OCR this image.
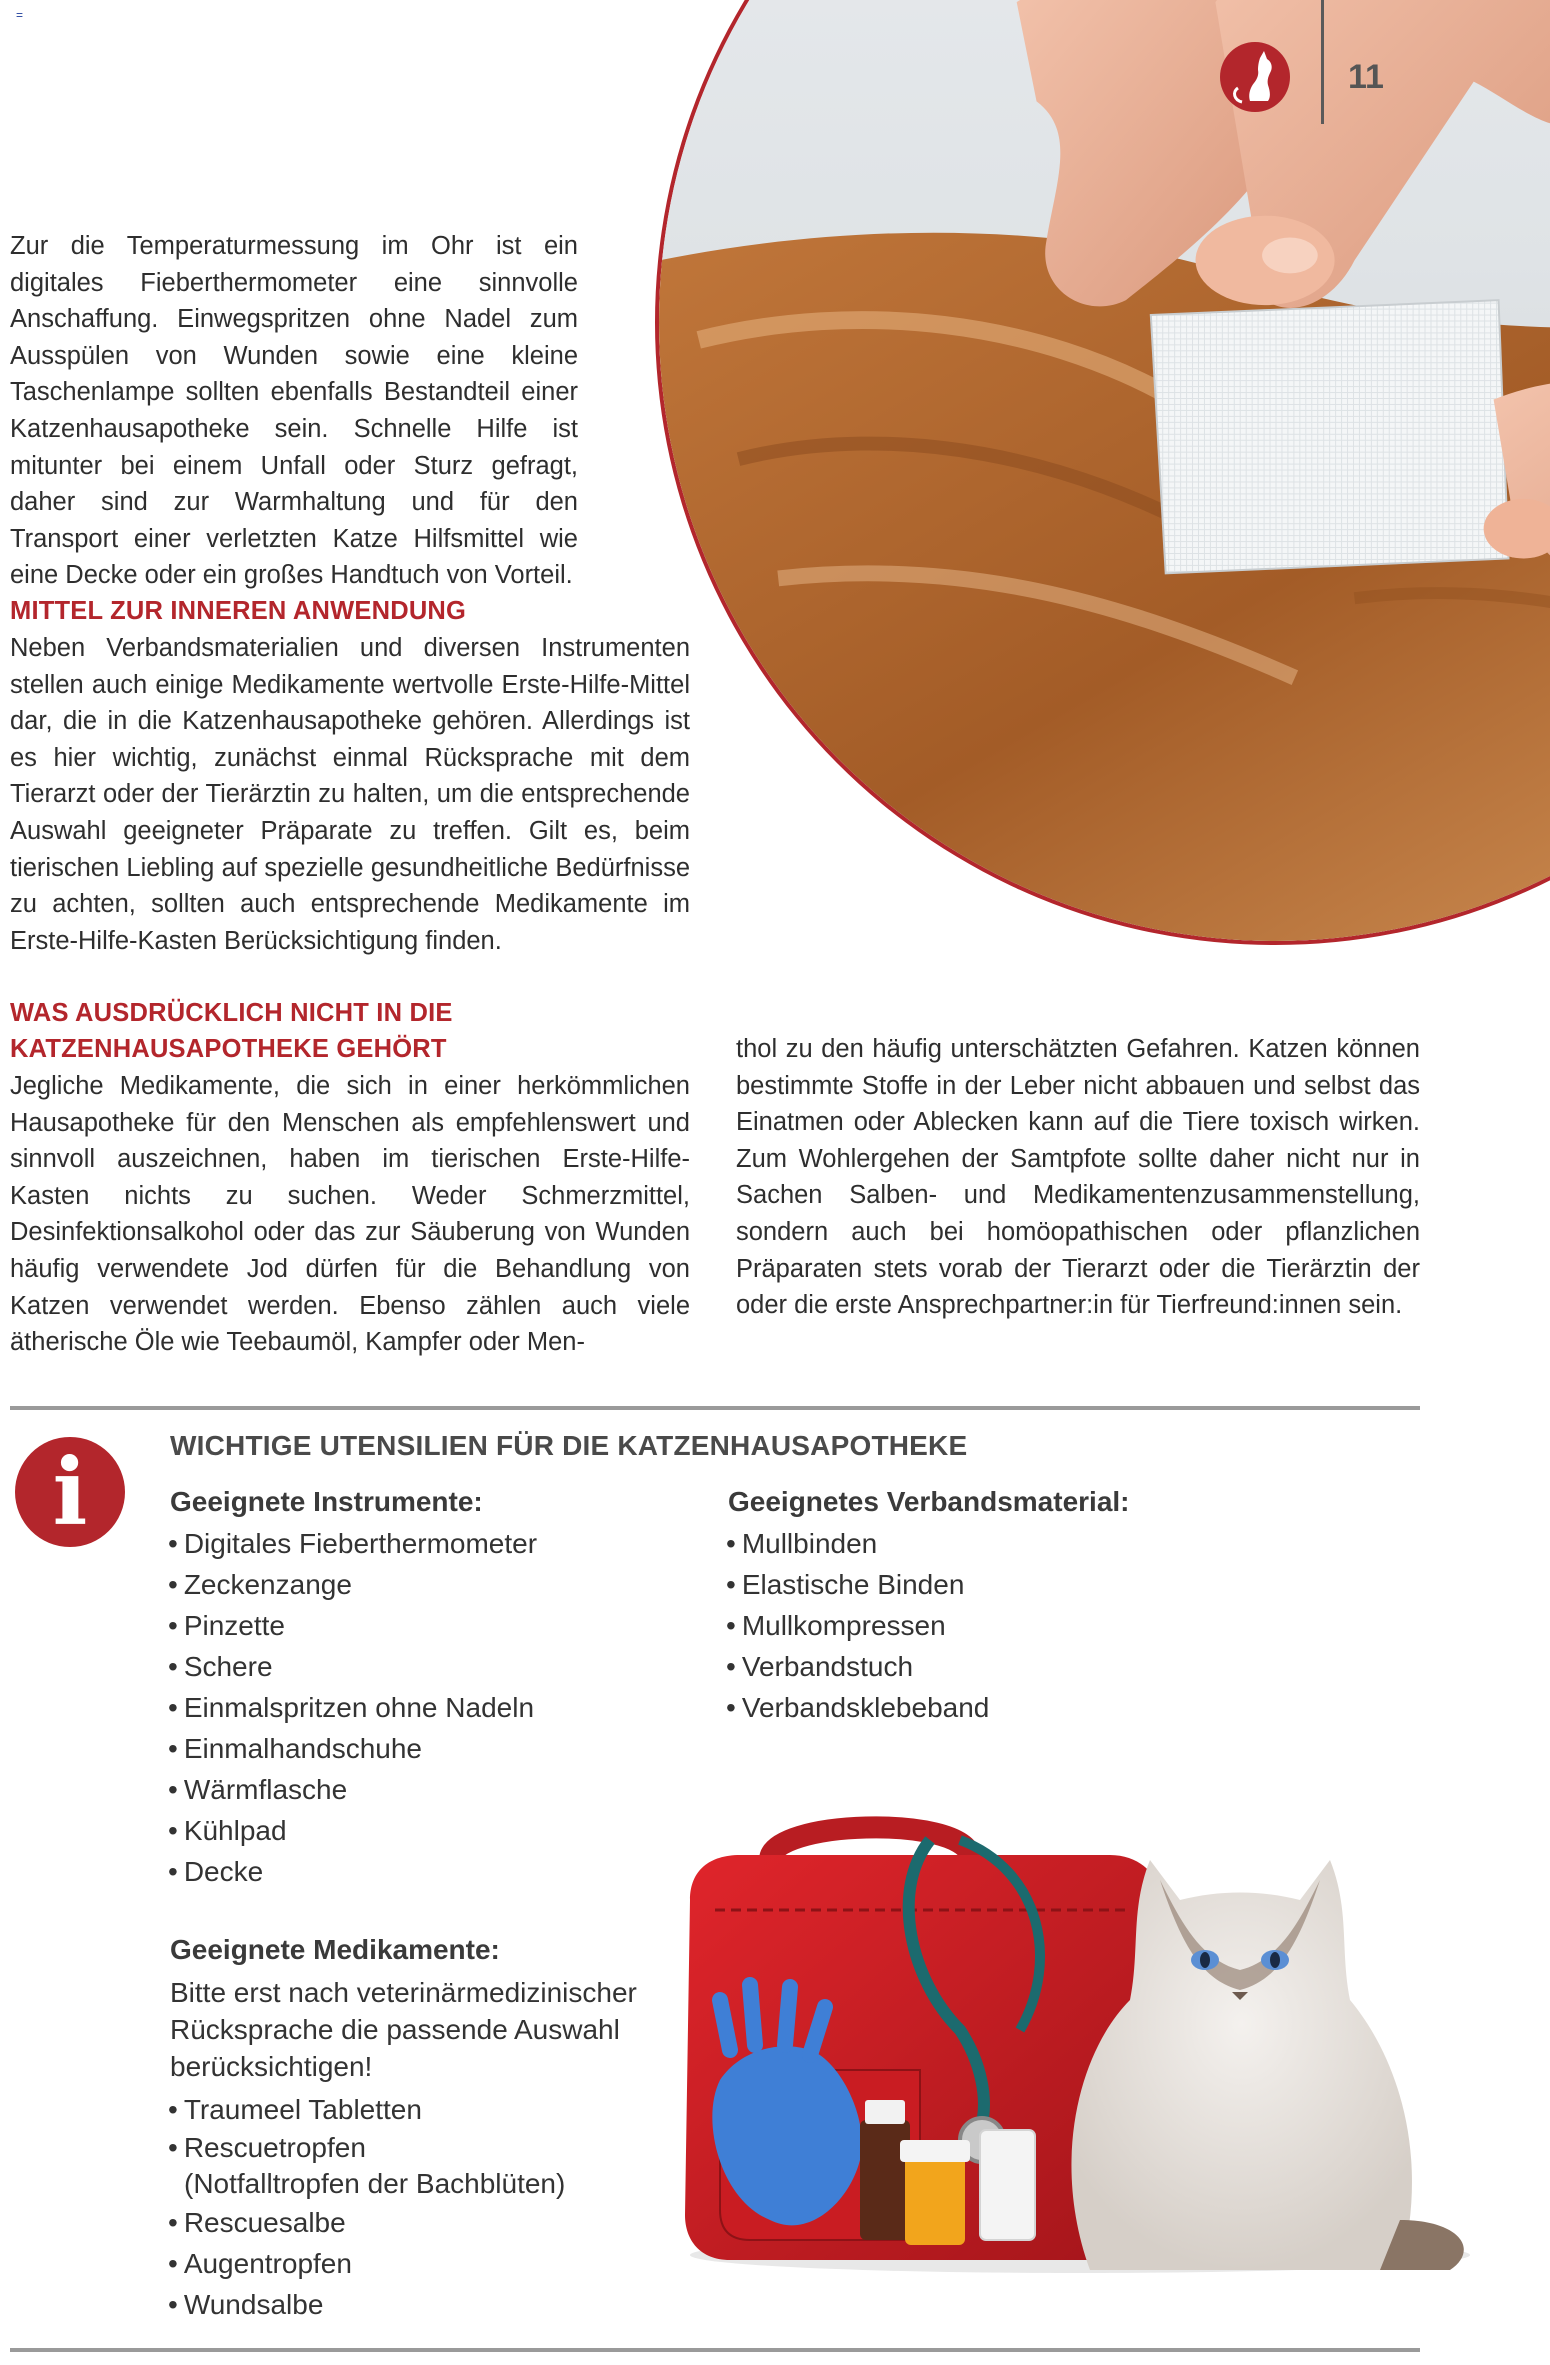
=
11

Zur die Temperaturmessung im Ohr ist ein digitales Fieberthermometer eine sinnvolle Anschaffung. Einwegspritzen ohne Nadel zum Ausspülen von Wunden sowie eine kleine Taschenlampe sollten ebenfalls Bestandteil einer Katzenhausapotheke sein. Schnelle Hilfe ist mitunter bei einem Unfall oder Sturz gefragt, daher sind zur Warmhaltung und für den Transport einer verletzten Katze Hilfsmittel wie eine Decke oder ein großes Handtuch von Vorteil.

MITTEL ZUR INNEREN ANWENDUNG

Neben Verbandsmaterialien und diversen Instrumenten stellen auch einige Medikamente wertvolle Erste-Hilfe-Mittel dar, die in die Katzenhausapotheke gehören. Allerdings ist es hier wichtig, zunächst einmal Rücksprache mit dem Tierarzt oder der Tierärztin zu halten, um die entsprechende Auswahl geeigneter Präparate zu treffen. Gilt es, beim tierischen Liebling auf spezielle gesundheitliche Bedürfnisse zu achten, sollten auch entsprechende Medikamente im Erste-Hilfe-Kasten Berücksichtigung finden.

WAS AUSDRÜCKLICH NICHT IN DIE
KATZENHAUSAPOTHEKE GEHÖRT

Jegliche Medikamente, die sich in einer herkömmlichen Hausapotheke für den Menschen als empfehlenswert und sinnvoll auszeichnen, haben im tierischen Erste-Hilfe-Kasten nichts zu suchen. Weder Schmerzmittel, Desinfektionsalkohol oder das zur Säuberung von Wunden häufig verwendete Jod dürfen für die Behandlung von Katzen verwendet werden. Ebenso zählen auch viele ätherische Öle wie Teebaumöl, Kampfer oder Men-

thol zu den häufig unterschätzten Gefahren. Katzen können bestimmte Stoffe in der Leber nicht abbauen und selbst das Einatmen oder Ablecken kann auf die Tiere toxisch wirken. Zum Wohlergehen der Samtpfote sollte daher nicht nur in Sachen Salben- und Medikamentenzusammenstellung, sondern auch bei homöopathischen oder pflanzlichen Präparaten stets vorab der Tierarzt oder die Tierärztin der oder die erste Ansprechpartner:in für Tierfreund:innen sein.

i	WICHTIGE UTENSILIEN FÜR DIE KATZENHAUSAPOTHEKE
Geeignete Instrumente:
• Digitales Fieberthermometer
• Zeckenzange
• Pinzette
• Schere
• Einmalspritzen ohne Nadeln
• Einmalhandschuhe
• Wärmflasche
• Kühlpad
• Decke
Geeignetes Verbandsmaterial:
• Mullbinden
• Elastische Binden
• Mullkompressen
• Verbandstuch
• Verbandsklebeband
Geeignete Medikamente:
Bitte erst nach veterinärmedizinischer Rücksprache die passende Auswahl berücksichtigen!
• Traumeel Tabletten
• Rescuetropfen
(Notfalltropfen der Bachblüten)
• Rescuesalbe
• Augentropfen
• Wundsalbe
